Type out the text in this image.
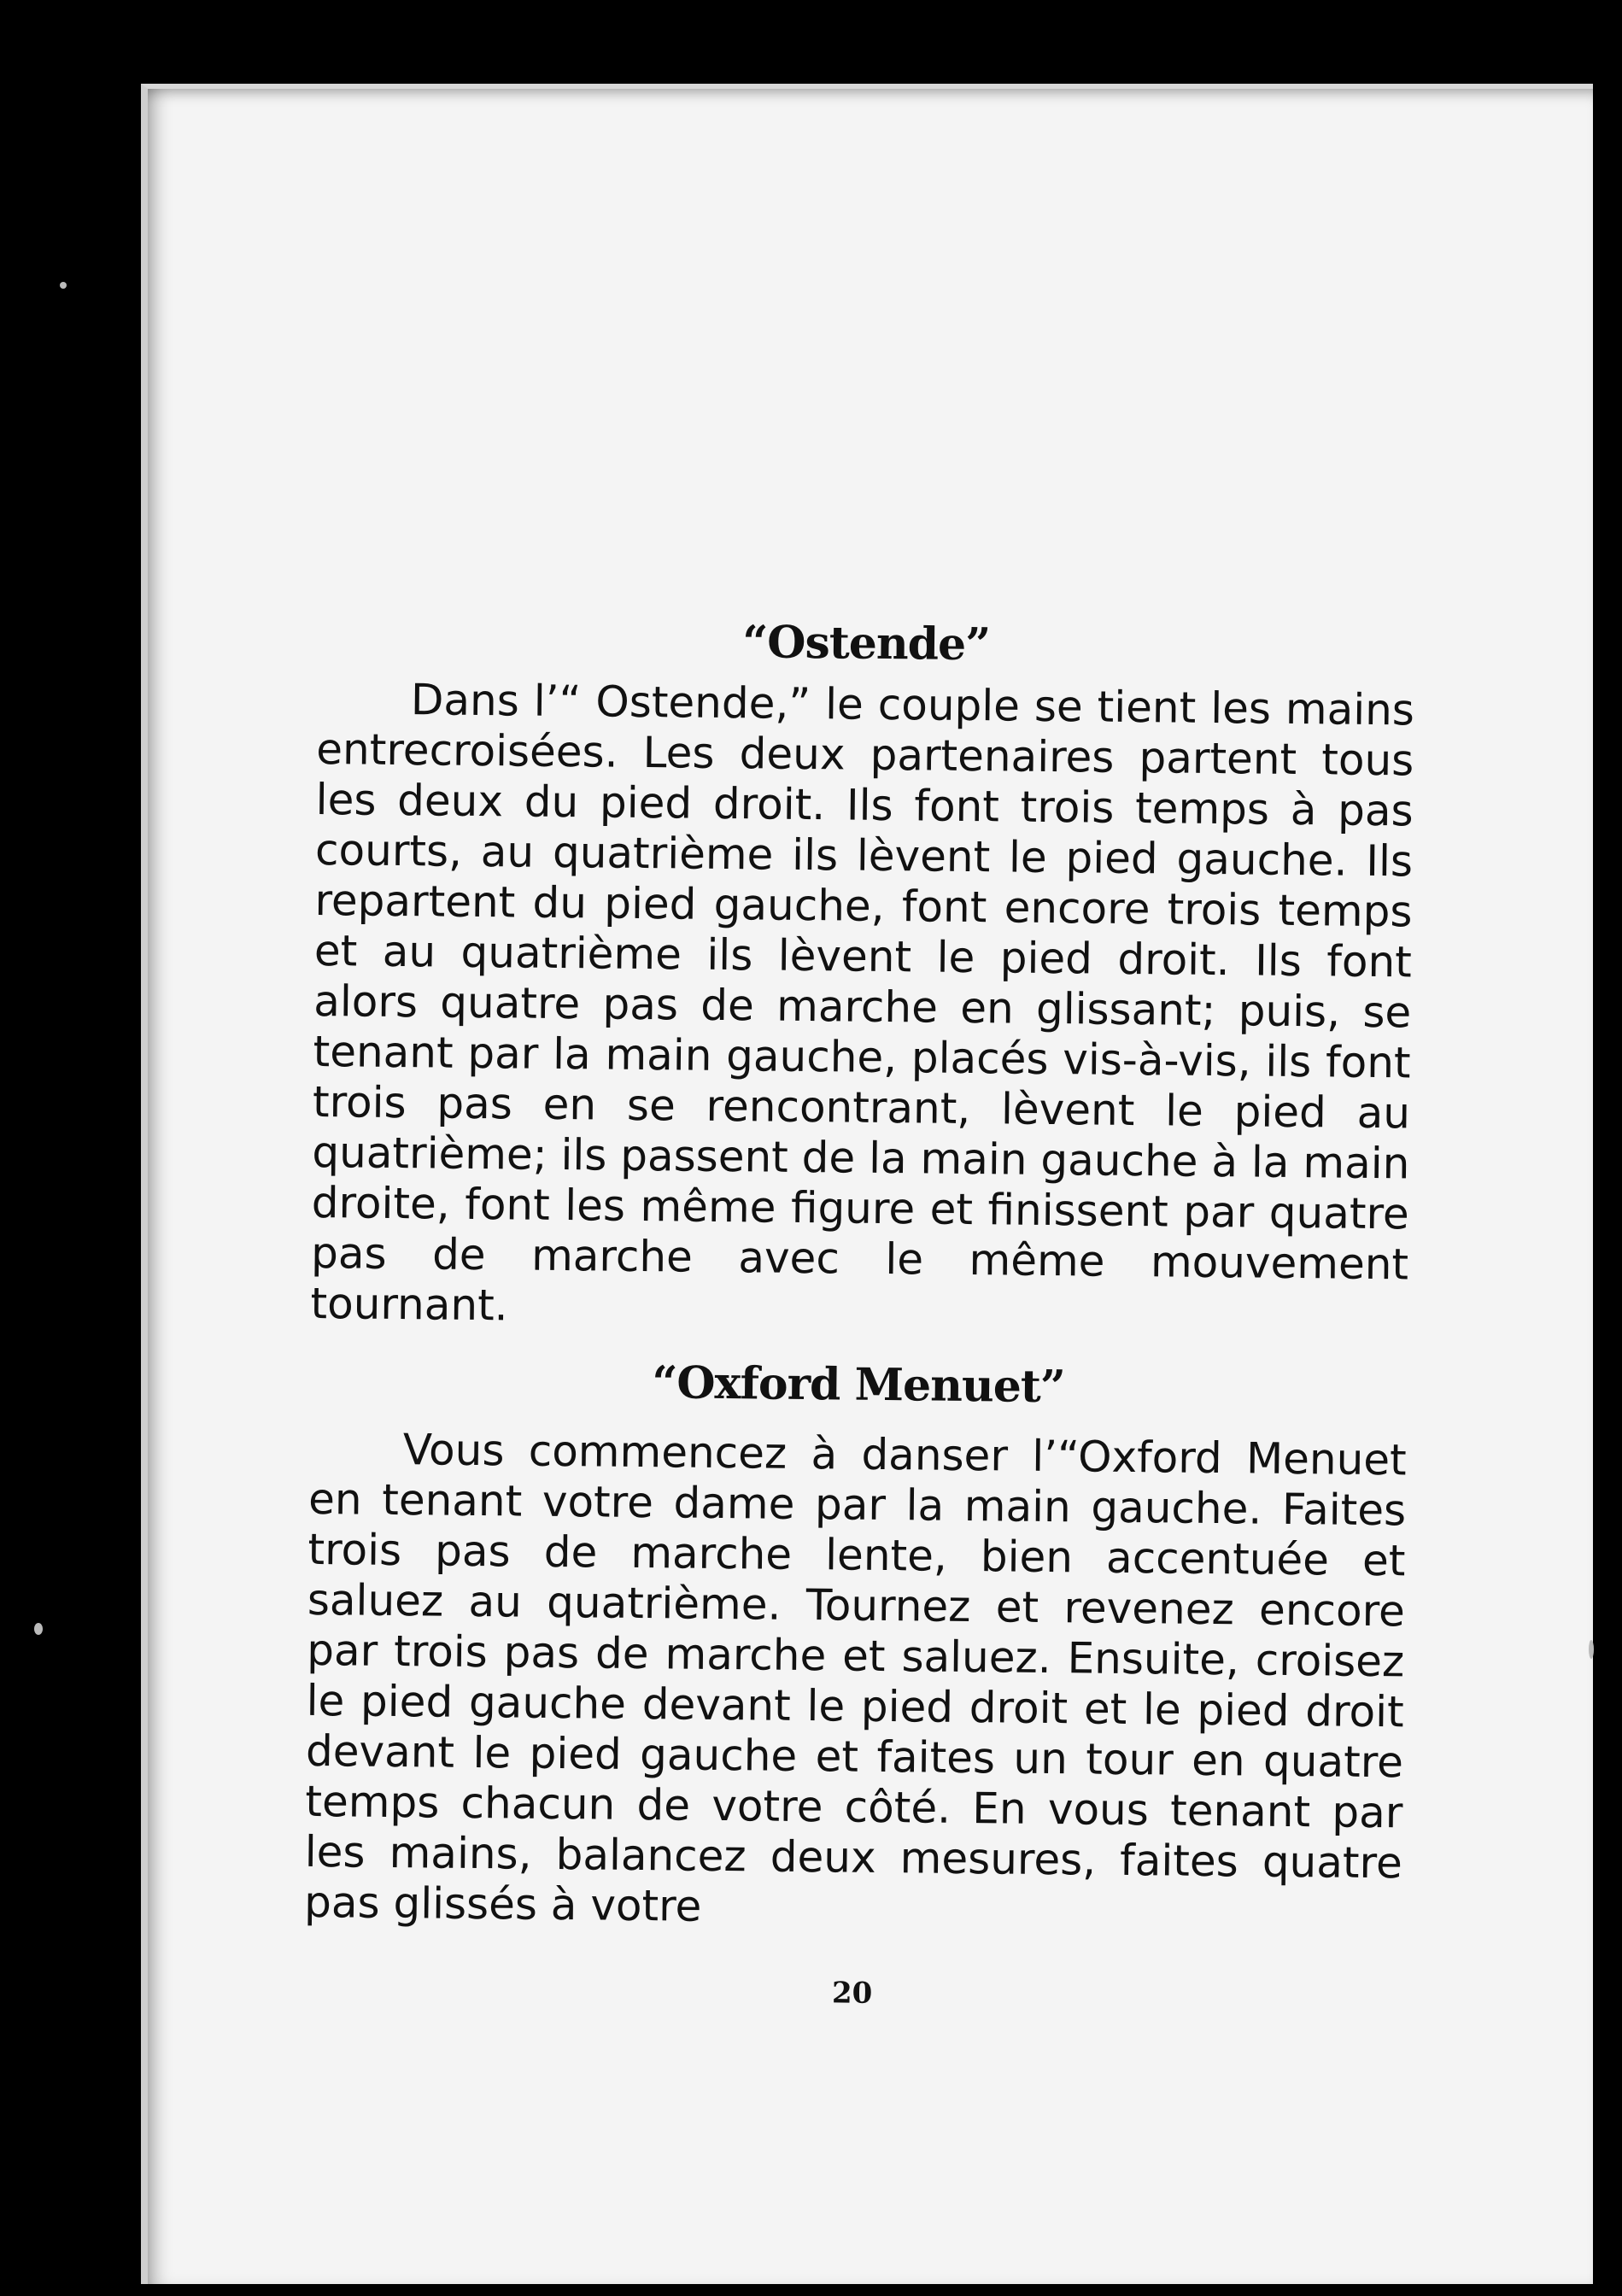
“Ostende”

Dans l’“ Ostende,” le couple se tient les mains entrecroisées. Les deux partenaires partent tous les deux du pied droit. Ils font trois temps à pas courts, au quatrième ils lèvent le pied gauche. Ils repartent du pied gauche, font encore trois temps et au quatrième ils lèvent le pied droit. Ils font alors quatre pas de marche en glissant; puis, se tenant par la main gauche, placés vis-à-vis, ils font trois pas en se rencontrant, lèvent le pied au quatrième; ils passent de la main gauche à la main droite, font les même figure et finissent par quatre pas de marche avec le même mouvement tournant.

“Oxford Menuet”

Vous commencez à danser l’“Oxford Menuet en tenant votre dame par la main gauche. Faites trois pas de marche lente, bien accentuée et saluez au quatrième. Tournez et revenez encore par trois pas de marche et saluez. Ensuite, croisez le pied gauche devant le pied droit et le pied droit devant le pied gauche et faites un tour en quatre temps chacun de votre côté. En vous tenant par les mains, balancez deux mesures, faites quatre pas glissés à votre

20
